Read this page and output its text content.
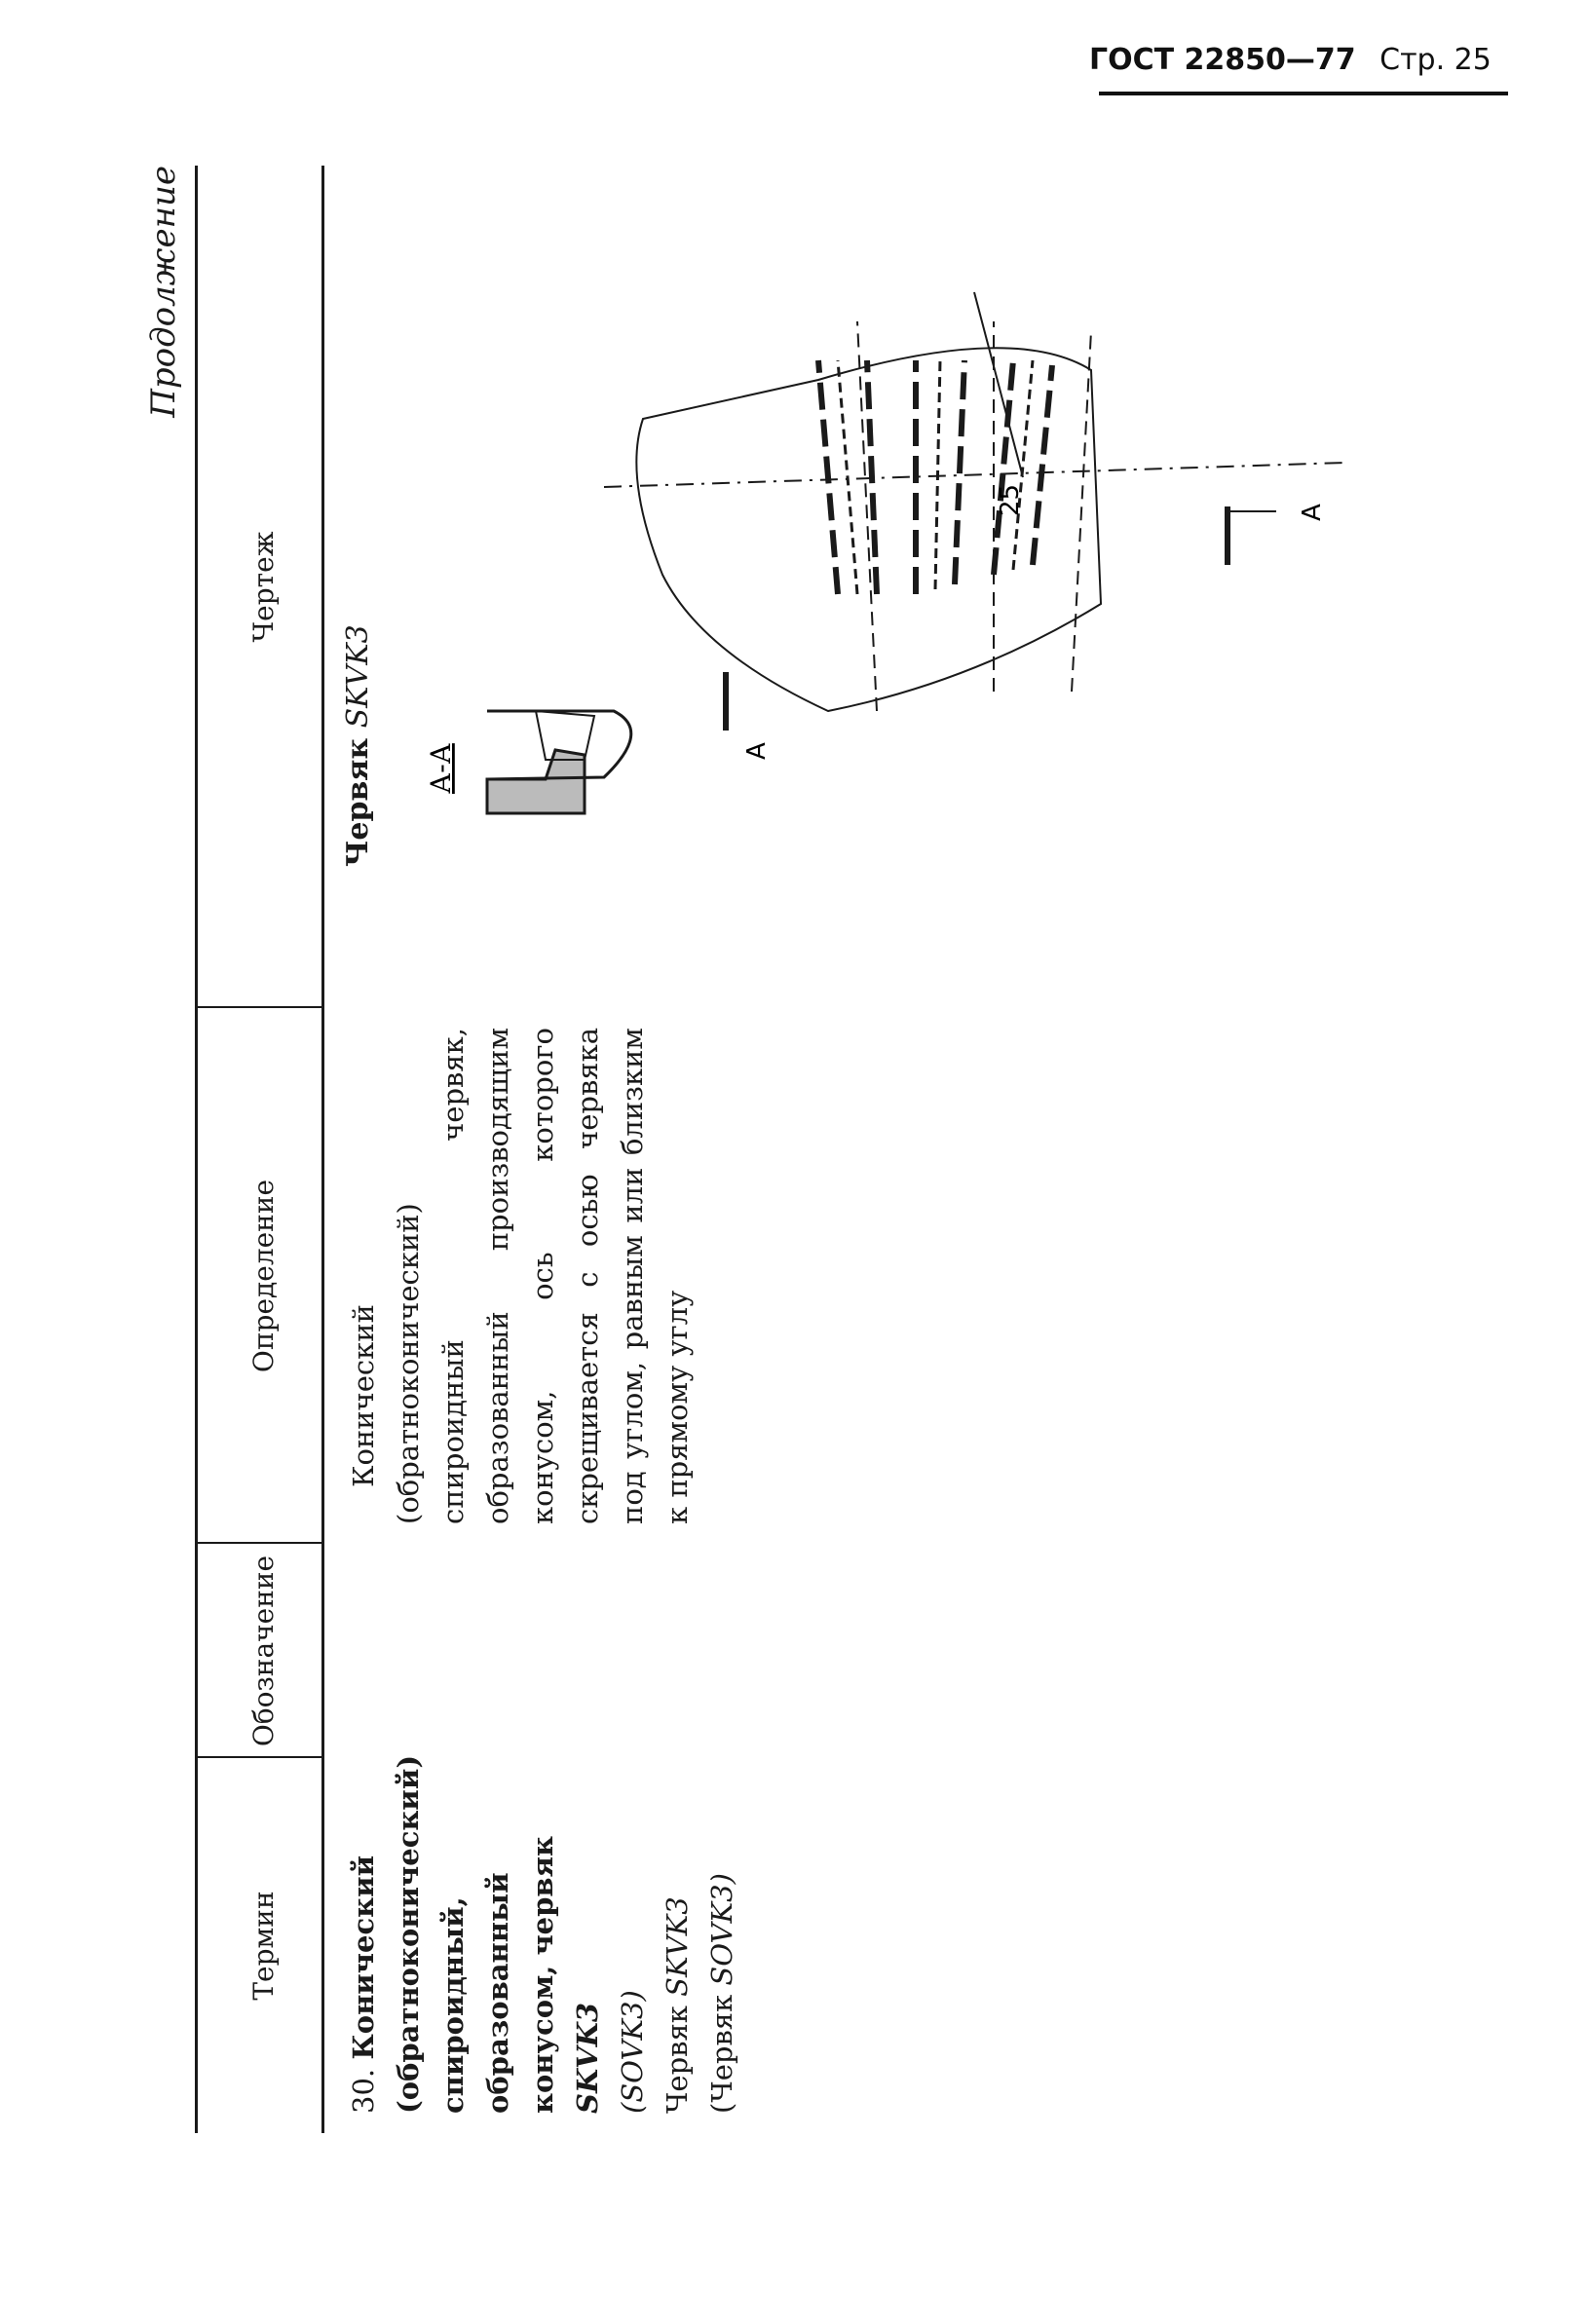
ГОСТ 22850—77 Стр. 25
Продолжение
Термин
Обозначение
Определение
Чертеж
30. Конический (обратноконический) спироидный, образованный конусом, червяк SKVK3 (SOVK3) Червяк SKVK3
(Червяк SOVK3)
Конический (обратноконический) спироидный червяк, образованный производящим конусом, ось которого скрещивается с осью червяка под углом, равным или близким к прямому углу
Червяк SKVK3
А-А
А
А
25
